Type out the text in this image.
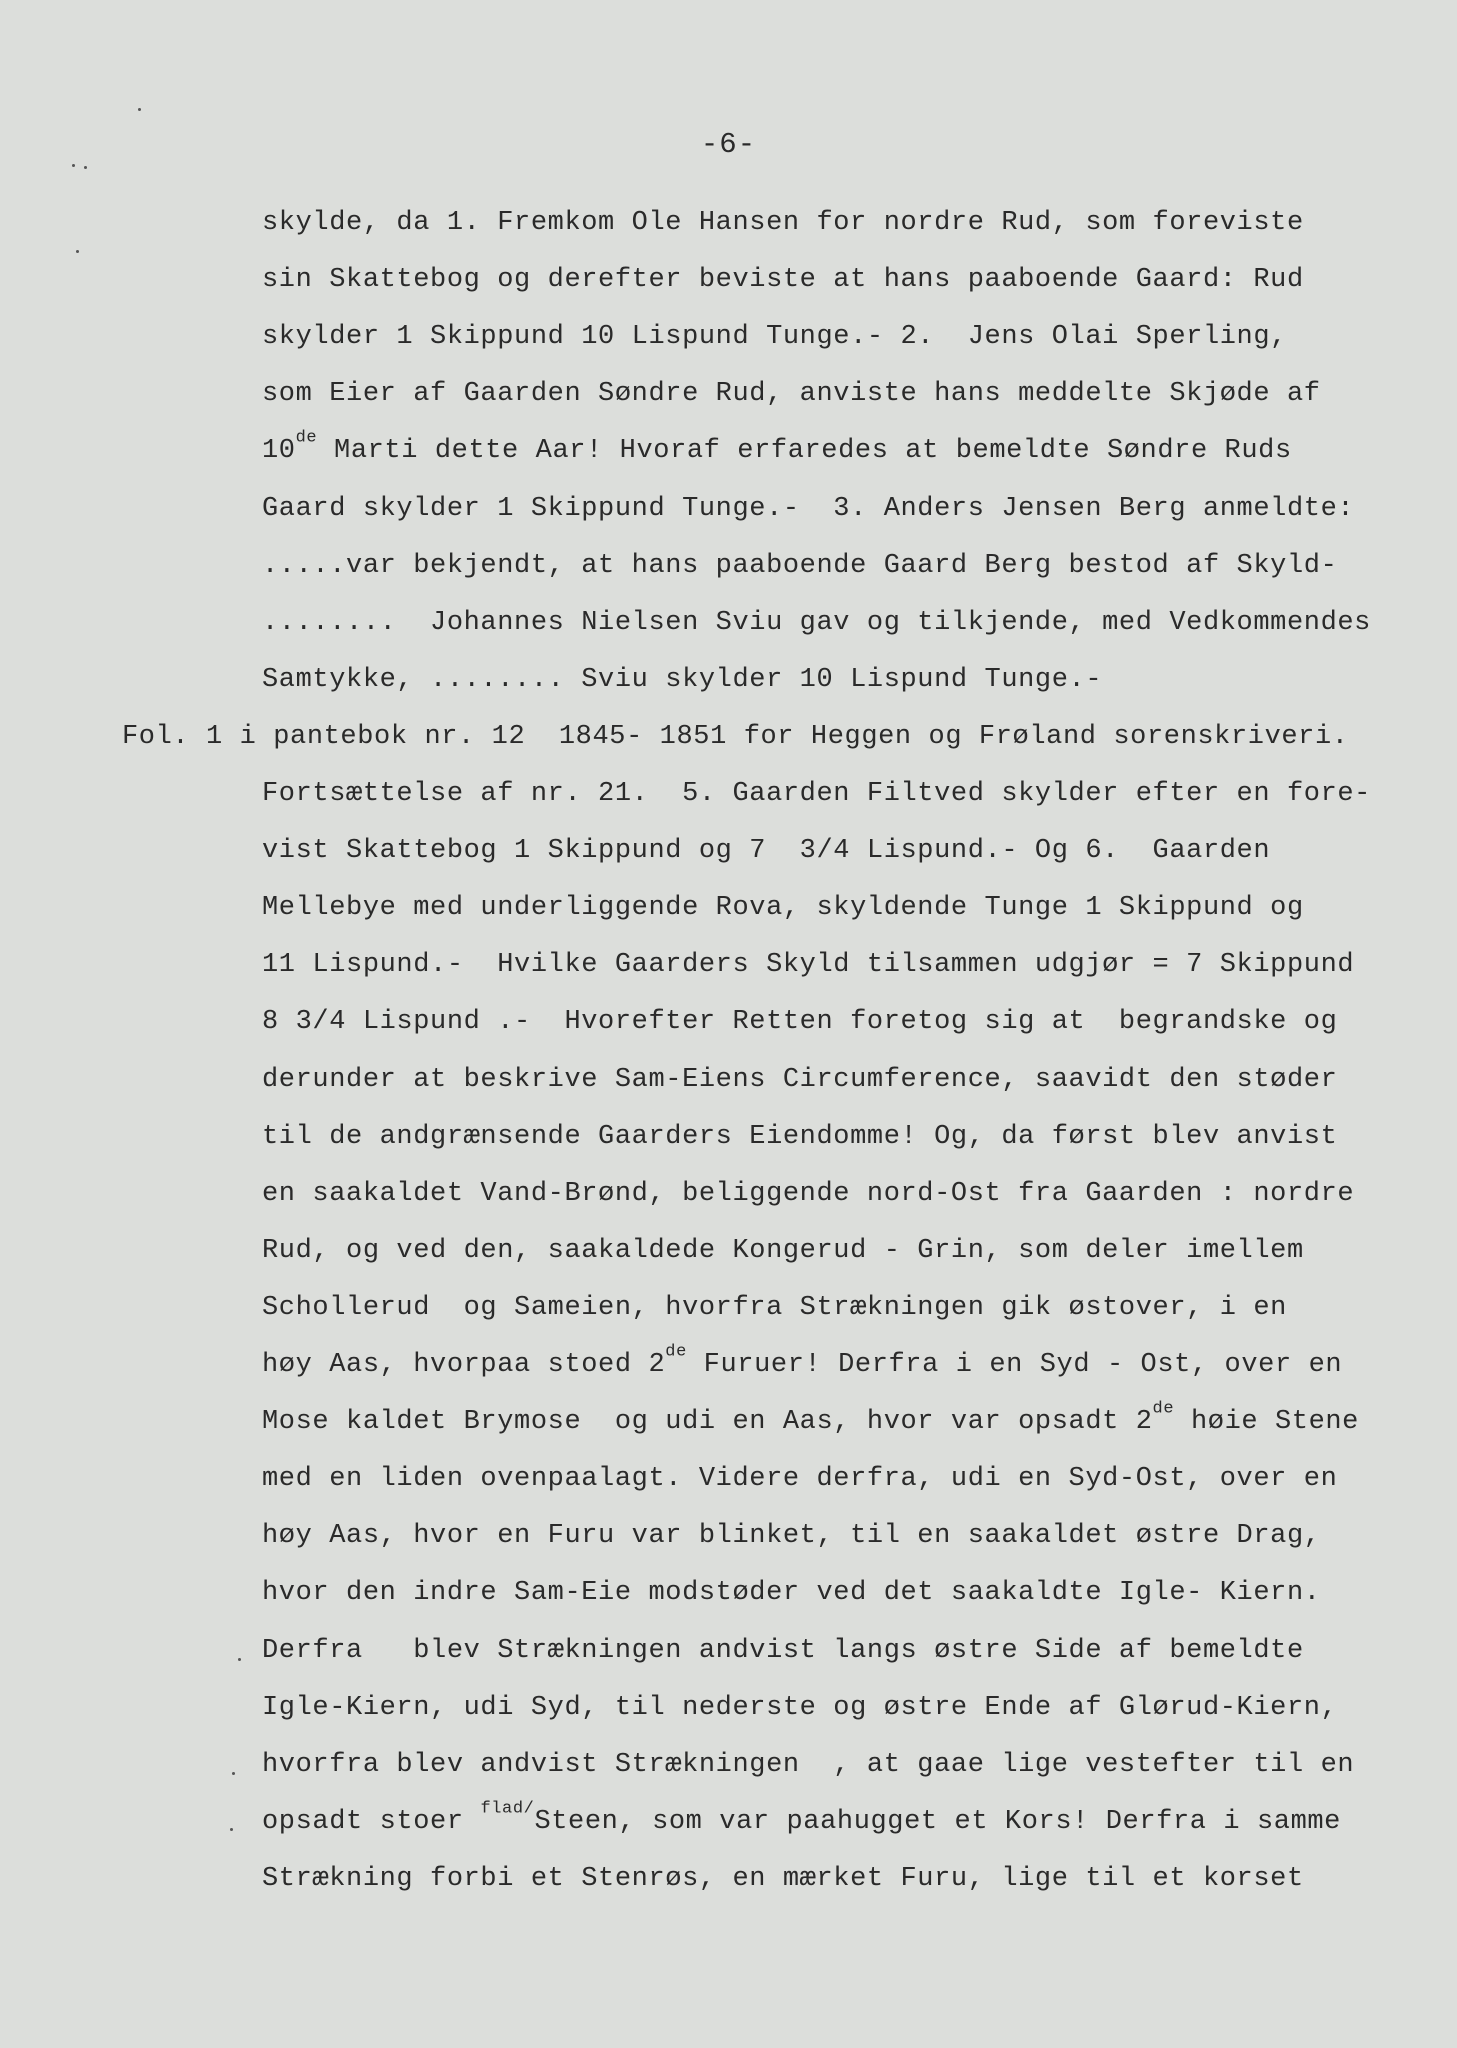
-6-
skylde, da 1. Fremkom Ole Hansen for nordre Rud, som foreviste
sin Skattebog og derefter beviste at hans paaboende Gaard: Rud
skylder 1 Skippund 10 Lispund Tunge.- 2.  Jens Olai Sperling,
som Eier af Gaarden Søndre Rud, anviste hans meddelte Skjøde af
10de Marti dette Aar! Hvoraf erfaredes at bemeldte Søndre Ruds
Gaard skylder 1 Skippund Tunge.-  3. Anders Jensen Berg anmeldte:
.....var bekjendt, at hans paaboende Gaard Berg bestod af Skyld-
........  Johannes Nielsen Sviu gav og tilkjende, med Vedkommendes
Samtykke, ........ Sviu skylder 10 Lispund Tunge.-
Fol. 1 i pantebok nr. 12  1845- 1851 for Heggen og Frøland sorenskriveri.
Fortsættelse af nr. 21.  5. Gaarden Filtved skylder efter en fore-
vist Skattebog 1 Skippund og 7  3/4 Lispund.- Og 6.  Gaarden
Mellebye med underliggende Rova, skyldende Tunge 1 Skippund og
11 Lispund.-  Hvilke Gaarders Skyld tilsammen udgjør = 7 Skippund
8 3/4 Lispund .-  Hvorefter Retten foretog sig at  begrandske og
derunder at beskrive Sam-Eiens Circumference, saavidt den støder
til de andgrænsende Gaarders Eiendomme! Og, da først blev anvist
en saakaldet Vand-Brønd, beliggende nord-Ost fra Gaarden : nordre
Rud, og ved den, saakaldede Kongerud - Grin, som deler imellem
Schollerud  og Sameien, hvorfra Strækningen gik østover, i en
høy Aas, hvorpaa stoed 2de Furuer! Derfra i en Syd - Ost, over en
Mose kaldet Brymose  og udi en Aas, hvor var opsadt 2de høie Stene
med en liden ovenpaalagt. Videre derfra, udi en Syd-Ost, over en
høy Aas, hvor en Furu var blinket, til en saakaldet østre Drag,
hvor den indre Sam-Eie modstøder ved det saakaldte Igle- Kiern.
Derfra   blev Strækningen andvist langs østre Side af bemeldte
Igle-Kiern, udi Syd, til nederste og østre Ende af Glørud-Kiern,
hvorfra blev andvist Strækningen  , at gaae lige vestefter til en
opsadt stoer $^{flad/}$Steen, som var paahugget et Kors! Derfra i samme
Strækning forbi et Stenrøs, en mærket Furu, lige til et korset
